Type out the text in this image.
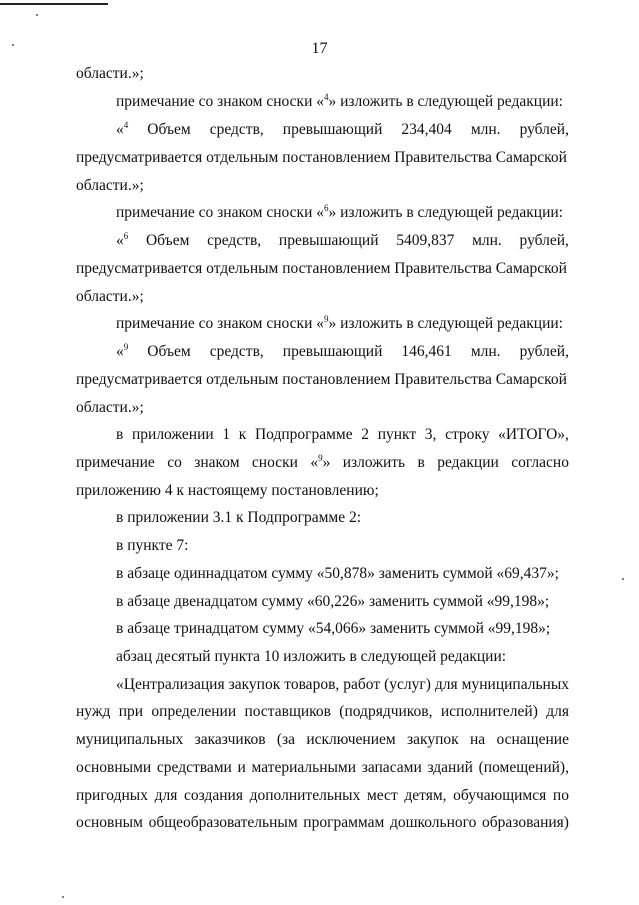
17
области.»;
примечание со знаком сноски «$^4$» изложить в следующей редакции:
«$^4$ Объем средств, превышающий 234,404 млн. рублей,
предусматривается отдельным постановлением Правительства Самарской
области.»;
примечание со знаком сноски «$^6$» изложить в следующей редакции:
«$^6$ Объем средств, превышающий 5409,837 млн. рублей,
предусматривается отдельным постановлением Правительства Самарской
области.»;
примечание со знаком сноски «$^9$» изложить в следующей редакции:
«$^9$ Объем средств, превышающий 146,461 млн. рублей,
предусматривается отдельным постановлением Правительства Самарской
области.»;
в приложении 1 к Подпрограмме 2 пункт 3, строку «ИТОГО»,
примечание со знаком сноски «$^9$» изложить в редакции согласно
приложению 4 к настоящему постановлению;
в приложении 3.1 к Подпрограмме 2:
в пункте 7:
в абзаце одиннадцатом сумму «50,878» заменить суммой «69,437»;
в абзаце двенадцатом сумму «60,226» заменить суммой «99,198»;
в абзаце тринадцатом сумму «54,066» заменить суммой «99,198»;
абзац десятый пункта 10 изложить в следующей редакции:
«Централизация закупок товаров, работ (услуг) для муниципальных
нужд при определении поставщиков (подрядчиков, исполнителей) для
муниципальных заказчиков (за исключением закупок на оснащение
основными средствами и материальными запасами зданий (помещений),
пригодных для создания дополнительных мест детям, обучающимся по
основным общеобразовательным программам дошкольного образования)
